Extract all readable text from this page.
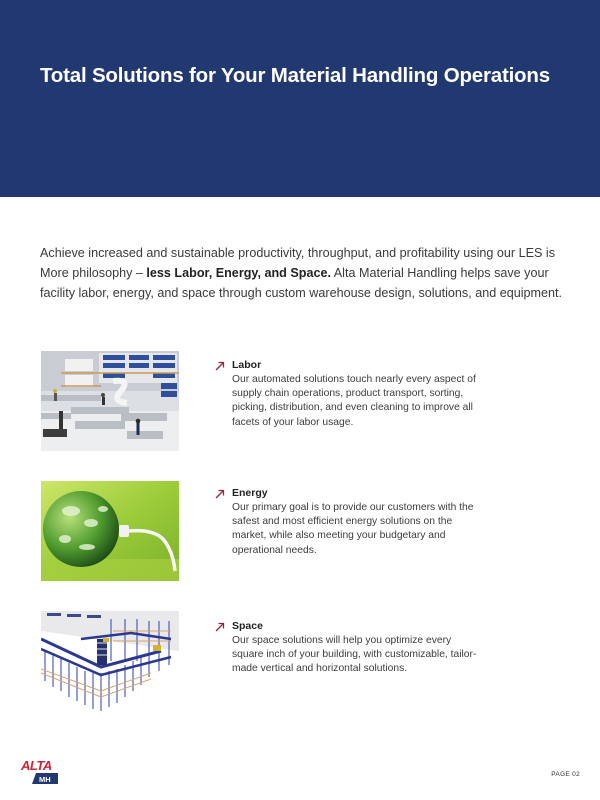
Total Solutions for Your Material Handling Operations

Achieve increased and sustainable productivity, throughput, and profitability using our LES is More philosophy – less Labor, Energy, and Space. Alta Material Handling helps save your facility labor, energy, and space through custom warehouse design, solutions, and equipment.

Labor
Our automated solutions touch nearly every aspect of supply chain operations, product transport, sorting, picking, distribution, and even cleaning to improve all facets of your labor usage.
Energy
Our primary goal is to provide our customers with the safest and most efficient energy solutions on the market, while also meeting your budgetary and operational needs.
Space
Our space solutions will help you optimize every square inch of your building, with customizable, tailor-made vertical and horizontal solutions.
ALTA
MH
PAGE 02
